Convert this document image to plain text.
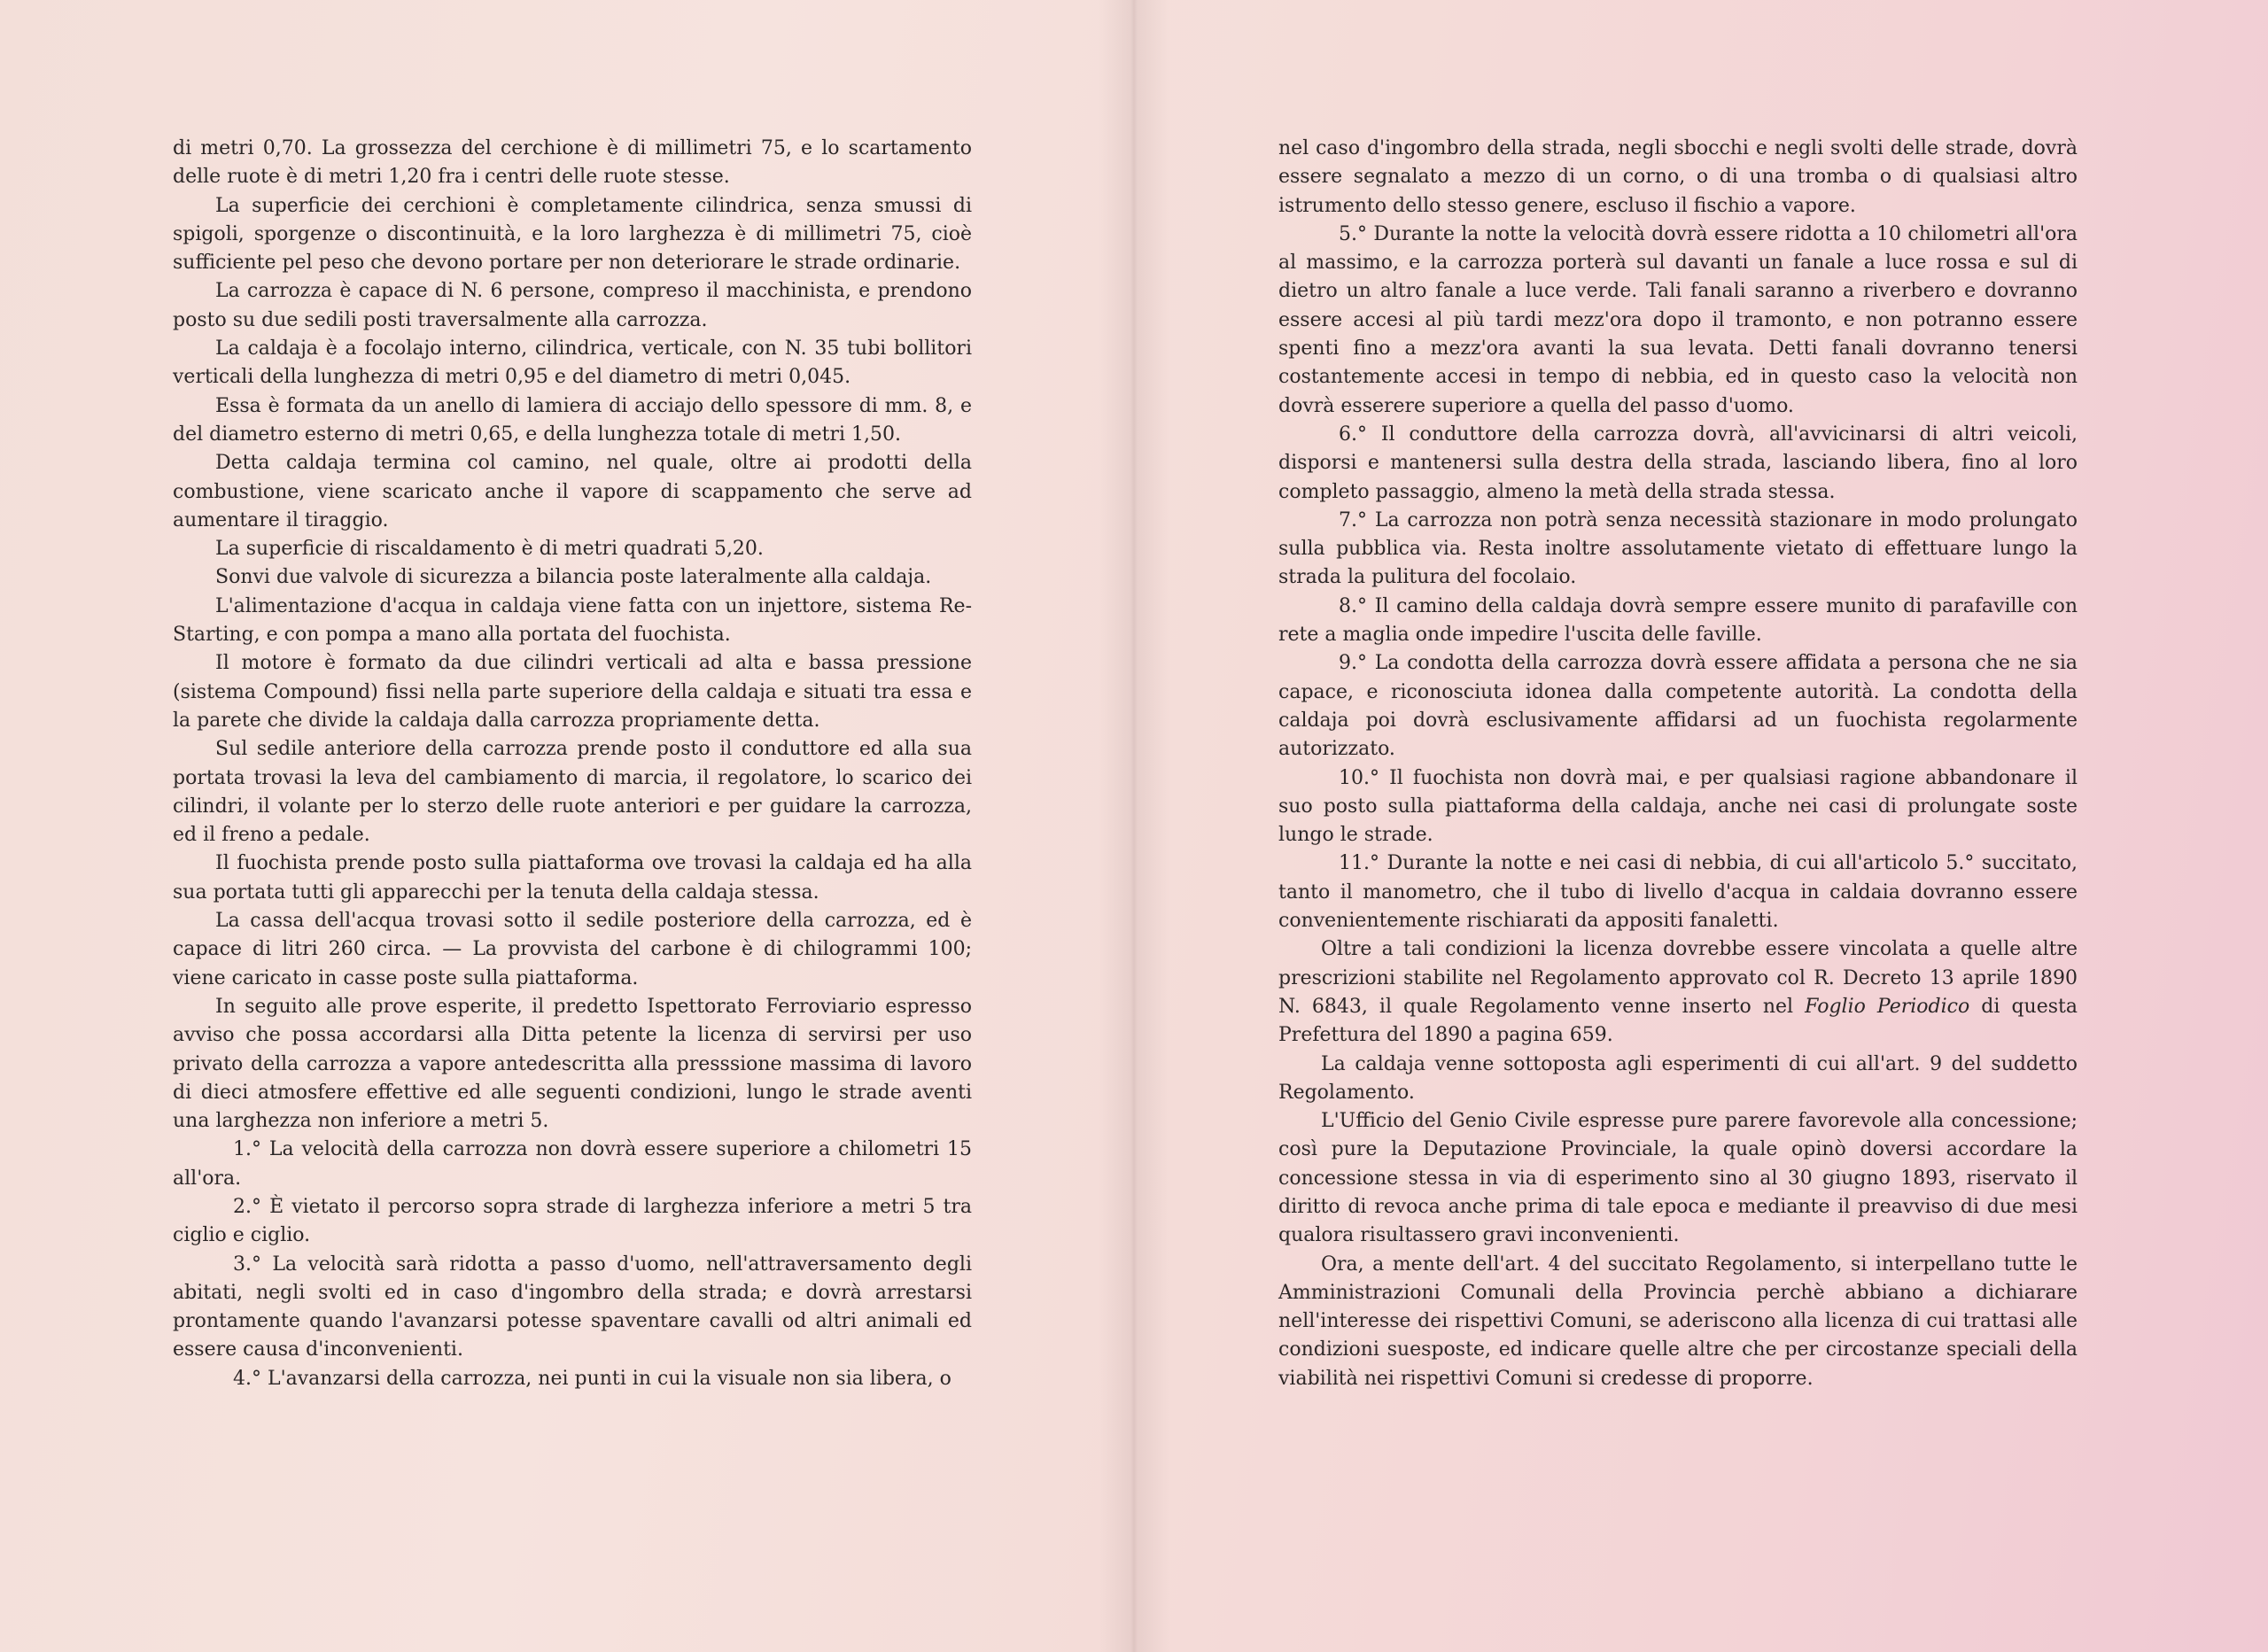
di metri 0,70. La grossezza del cerchione è di millimetri 75, e lo scartamento delle ruote è di metri 1,20 fra i centri delle ruote stesse.

La superficie dei cerchioni è completamente cilindrica, senza smussi di spigoli, sporgenze o discontinuità, e la loro larghezza è di millimetri 75, cioè sufficiente pel peso che devono portare per non deteriorare le strade ordinarie.

La carrozza è capace di N. 6 persone, compreso il macchinista, e prendono posto su due sedili posti traversalmente alla carrozza.

La caldaja è a focolajo interno, cilindrica, verticale, con N. 35 tubi bollitori verticali della lunghezza di metri 0,95 e del diametro di metri 0,045.

Essa è formata da un anello di lamiera di acciajo dello spessore di mm. 8, e del diametro esterno di metri 0,65, e della lunghezza totale di metri 1,50.

Detta caldaja termina col camino, nel quale, oltre ai prodotti della combustione, viene scaricato anche il vapore di scappamento che serve ad aumentare il tiraggio.

La superficie di riscaldamento è di metri quadrati 5,20.

Sonvi due valvole di sicurezza a bilancia poste lateralmente alla caldaja.

L'alimentazione d'acqua in caldaja viene fatta con un injettore, sistema Re-Starting, e con pompa a mano alla portata del fuochista.

Il motore è formato da due cilindri verticali ad alta e bassa pressione (sistema Compound) fissi nella parte superiore della caldaja e situati tra essa e la parete che divide la caldaja dalla carrozza propriamente detta.

Sul sedile anteriore della carrozza prende posto il conduttore ed alla sua portata trovasi la leva del cambiamento di marcia, il regolatore, lo scarico dei cilindri, il volante per lo sterzo delle ruote anteriori e per guidare la carrozza, ed il freno a pedale.

Il fuochista prende posto sulla piattaforma ove trovasi la caldaja ed ha alla sua portata tutti gli apparecchi per la tenuta della caldaja stessa.

La cassa dell'acqua trovasi sotto il sedile posteriore della carrozza, ed è capace di litri 260 circa. — La provvista del carbone è di chilogrammi 100; viene caricato in casse poste sulla piattaforma.

In seguito alle prove esperite, il predetto Ispettorato Ferroviario espresso avviso che possa accordarsi alla Ditta petente la licenza di servirsi per uso privato della carrozza a vapore antedescritta alla presssione massima di lavoro di dieci atmosfere effettive ed alle seguenti condizioni, lungo le strade aventi una larghezza non inferiore a metri 5.

1.° La velocità della carrozza non dovrà essere superiore a chilometri 15 all'ora.

2.° È vietato il percorso sopra strade di larghezza inferiore a metri 5 tra ciglio e ciglio.

3.° La velocità sarà ridotta a passo d'uomo, nell'attraversamento degli abitati, negli svolti ed in caso d'ingombro della strada; e dovrà arrestarsi prontamente quando l'avanzarsi potesse spaventare cavalli od altri animali ed essere causa d'inconvenienti.

4.° L'avanzarsi della carrozza, nei punti in cui la visuale non sia libera, o

nel caso d'ingombro della strada, negli sbocchi e negli svolti delle strade, dovrà essere segnalato a mezzo di un corno, o di una tromba o di qualsiasi altro istrumento dello stesso genere, escluso il fischio a vapore.

5.° Durante la notte la velocità dovrà essere ridotta a 10 chilometri all'ora al massimo, e la carrozza porterà sul davanti un fanale a luce rossa e sul di dietro un altro fanale a luce verde. Tali fanali saranno a riverbero e dovranno essere accesi al più tardi mezz'ora dopo il tramonto, e non potranno essere spenti fino a mezz'ora avanti la sua levata. Detti fanali dovranno tenersi costantemente accesi in tempo di nebbia, ed in questo caso la velocità non dovrà esserere superiore a quella del passo d'uomo.

6.° Il conduttore della carrozza dovrà, all'avvicinarsi di altri veicoli, disporsi e mantenersi sulla destra della strada, lasciando libera, fino al loro completo passaggio, almeno la metà della strada stessa.

7.° La carrozza non potrà senza necessità stazionare in modo prolungato sulla pubblica via. Resta inoltre assolutamente vietato di effettuare lungo la strada la pulitura del focolaio.

8.° Il camino della caldaja dovrà sempre essere munito di parafaville con rete a maglia onde impedire l'uscita delle faville.

9.° La condotta della carrozza dovrà essere affidata a persona che ne sia capace, e riconosciuta idonea dalla competente autorità. La condotta della caldaja poi dovrà esclusivamente affidarsi ad un fuochista regolarmente autorizzato.

10.° Il fuochista non dovrà mai, e per qualsiasi ragione abbandonare il suo posto sulla piattaforma della caldaja, anche nei casi di prolungate soste lungo le strade.

11.° Durante la notte e nei casi di nebbia, di cui all'articolo 5.° succitato, tanto il manometro, che il tubo di livello d'acqua in caldaia dovranno essere convenientemente rischiarati da appositi fanaletti.

Oltre a tali condizioni la licenza dovrebbe essere vincolata a quelle altre prescrizioni stabilite nel Regolamento approvato col R. Decreto 13 aprile 1890 N. 6843, il quale Regolamento venne inserto nel Foglio Periodico di questa Prefettura del 1890 a pagina 659.

La caldaja venne sottoposta agli esperimenti di cui all'art. 9 del suddetto Regolamento.

L'Ufficio del Genio Civile espresse pure parere favorevole alla concessione; così pure la Deputazione Provinciale, la quale opinò doversi accordare la concessione stessa in via di esperimento sino al 30 giugno 1893, riservato il diritto di revoca anche prima di tale epoca e mediante il preavviso di due mesi qualora risultassero gravi inconvenienti.

Ora, a mente dell'art. 4 del succitato Regolamento, si interpellano tutte le Amministrazioni Comunali della Provincia perchè abbiano a dichiarare nell'interesse dei rispettivi Comuni, se aderiscono alla licenza di cui trattasi alle condizioni suesposte, ed indicare quelle altre che per circostanze speciali della viabilità nei rispettivi Comuni si credesse di proporre.
